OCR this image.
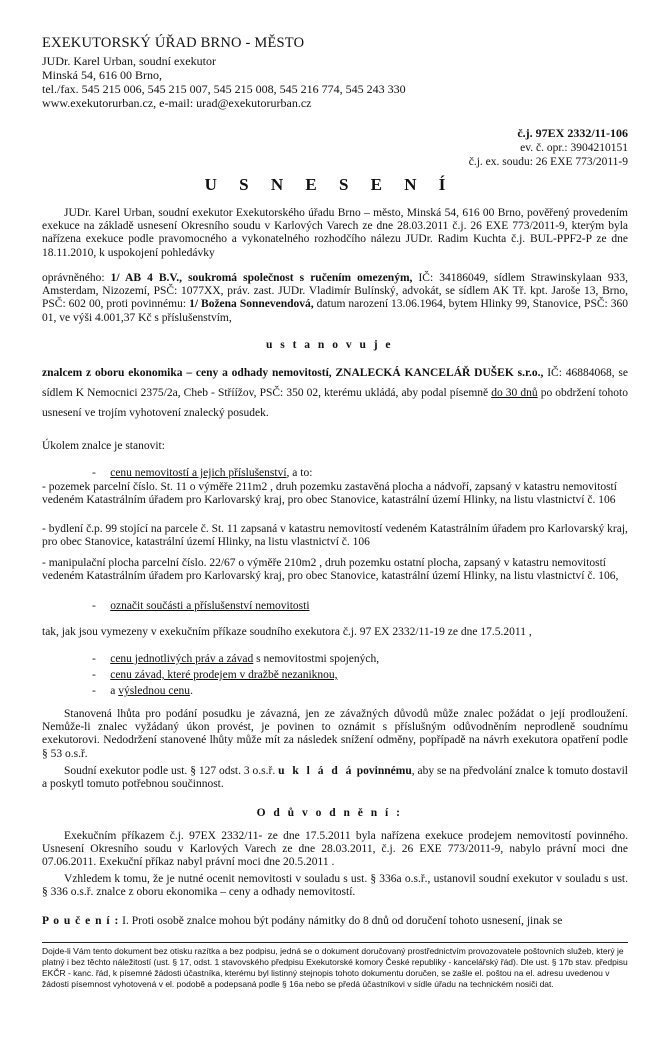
EXEKUTORSKÝ ÚŘAD BRNO - MĚSTO
JUDr. Karel Urban, soudní exekutor
Minská 54, 616 00 Brno,
tel./fax. 545 215 006, 545 215 007, 545 215 008, 545 216 774, 545 243 330
www.exekutorurban.cz, e-mail: urad@exekutorurban.cz
č.j. 97EX 2332/11-106
ev. č. opr.: 3904210151
č.j. ex. soudu: 26 EXE 773/2011-9
U S N E S E N Í
JUDr. Karel Urban, soudní exekutor Exekutorského úřadu Brno – město, Minská 54, 616 00 Brno, pověřený provedením exekuce na základě usnesení Okresního soudu v Karlových Varech ze dne 28.03.2011 č.j. 26 EXE 773/2011-9, kterým byla nařízena exekuce podle pravomocného a vykonatelného rozhodčího nálezu JUDr. Radim Kuchta č.j. BUL-PPF2-P ze dne 18.11.2010, k uspokojení pohledávky
oprávněného: 1/ AB 4 B.V., soukromá společnost s ručením omezeným, IČ: 34186049, sídlem Strawinskylaan 933, Amsterdam, Nizozemí, PSČ: 1077XX, práv. zast. JUDr. Vladimír Bulínský, advokát, se sídlem AK Tř. kpt. Jaroše 13, Brno, PSČ: 602 00, proti povinnému: 1/ Božena Sonnevendová, datum narození 13.06.1964, bytem Hlinky 99, Stanovice, PSČ: 360 01, ve výši 4.001,37 Kč s příslušenstvím,
u s t a n o v u j e
znalcem z oboru ekonomika – ceny a odhady nemovitostí, ZNALECKÁ KANCELÁŘ DUŠEK s.r.o., IČ: 46884068, se sídlem K Nemocnici 2375/2a, Cheb - Stříížov, PSČ: 350 02, kterému ukládá, aby podal písemně do 30 dnů po obdržení tohoto usnesení ve trojím vyhotovení znalecký posudek.
Úkolem znalce je stanovit:
-     cenu nemovitostí a jejich příslušenství, a to:
- pozemek parcelní číslo. St. 11 o výměře 211m2 , druh pozemku zastavěná plocha a nádvoří, zapsaný v katastru nemovitostí vedeném Katastrálním úřadem pro Karlovarský kraj, pro obec Stanovice, katastrální území Hlinky, na listu vlastnictví č. 106
- bydlení č.p. 99 stojící na parcele č. St. 11 zapsaná v katastru nemovitostí vedeném Katastrálním úřadem pro Karlovarský kraj, pro obec Stanovice, katastrální území Hlinky, na listu vlastnictví č. 106
- manipulační plocha parcelní číslo. 22/67 o výměře 210m2 , druh pozemku ostatní plocha, zapsaný v katastru nemovitostí vedeném Katastrálním úřadem pro Karlovarský kraj, pro obec Stanovice, katastrální území Hlinky, na listu vlastnictví č. 106,
-     označit součásti a příslušenství nemovitosti
tak, jak jsou vymezeny v exekučním příkaze soudního exekutora č.j. 97 EX 2332/11-19 ze dne 17.5.2011 ,
-     cenu jednotlivých práv a závad s nemovitostmi spojených,
-     cenu závad, které prodejem v dražbě nezaniknou,
-     a výslednou cenu.
Stanovená lhůta pro podání posudku je závazná, jen ze závažných důvodů může znalec požádat o její prodloužení. Nemůže-li znalec vyžádaný úkon provést, je povinen to oznámit s příslušným odůvodněním neprodleně soudnímu exekutorovi. Nedodržení stanovené lhůty může mít za následek snížení odměny, popřípadě na návrh exekutora opatření podle § 53 o.s.ř.
Soudní exekutor podle ust. § 127 odst. 3 o.s.ř. u k l á d á povinnému, aby se na předvolání znalce k tomuto dostavil a poskytl tomuto potřebnou součinnost.
O d ů v o d n ě n í :
Exekučním příkazem č.j. 97EX 2332/11- ze dne 17.5.2011 byla nařízena exekuce prodejem nemovitostí povinného. Usnesení Okresního soudu v Karlových Varech ze dne 28.03.2011, č.j. 26 EXE 773/2011-9, nabylo právní moci dne 07.06.2011. Exekuční příkaz nabyl právní moci dne 20.5.2011 .
Vzhledem k tomu, že je nutné ocenit nemovitosti v souladu s ust. § 336a o.s.ř., ustanovil soudní exekutor v souladu s ust. § 336 o.s.ř. znalce z oboru ekonomika – ceny a odhady nemovitostí.
P o u č e n í : I. Proti osobě znalce mohou být podány námitky do 8 dnů od doručení tohoto usnesení, jinak se
Dojde-li Vám tento dokument bez otisku razítka a bez podpisu, jedná se o dokument doručovaný prostřednictvím provozovatele poštovních služeb, který je platný i bez těchto náležitostí (ust. § 17, odst. 1 stavovského předpisu Exekutorské komory České republiky - kancelářský řád). Dle ust. § 17b stav. předpisu EKČR - kanc. řád, k písemné žádosti účastníka, kterému byl listinný stejnopis tohoto dokumentu doručen, se zašle el. poštou na el. adresu uvedenou v žádosti písemnost vyhotovená v el. podobě a podepsaná podle § 16a nebo se předá účastníkovi v sídle úřadu na technickém nosiči dat.
